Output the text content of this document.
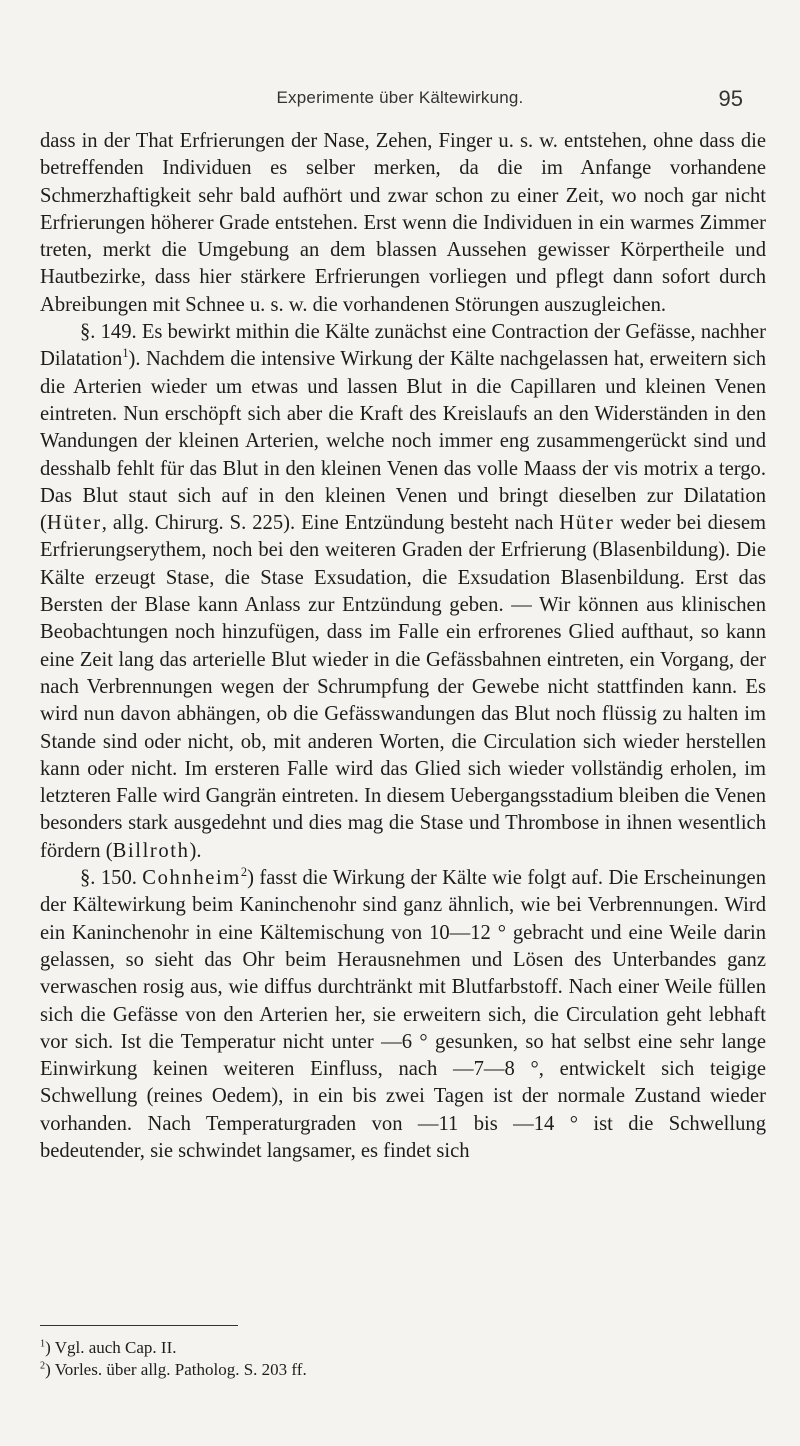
Experimente über Kältewirkung.	95

dass in der That Erfrierungen der Nase, Zehen, Finger u. s. w. entstehen, ohne dass die betreffenden Individuen es selber merken, da die im Anfange vorhandene Schmerzhaftigkeit sehr bald aufhört und zwar schon zu einer Zeit, wo noch gar nicht Erfrierungen höherer Grade entstehen. Erst wenn die Individuen in ein warmes Zimmer treten, merkt die Umgebung an dem blassen Aussehen gewisser Körpertheile und Hautbezirke, dass hier stärkere Erfrierungen vorliegen und pflegt dann sofort durch Abreibungen mit Schnee u. s. w. die vorhandenen Störungen auszugleichen.

§. 149. Es bewirkt mithin die Kälte zunächst eine Contraction der Gefässe, nachher Dilatation$^1$). Nachdem die intensive Wirkung der Kälte nachgelassen hat, erweitern sich die Arterien wieder um etwas und lassen Blut in die Capillaren und kleinen Venen eintreten. Nun erschöpft sich aber die Kraft des Kreislaufs an den Widerständen in den Wandungen der kleinen Arterien, welche noch immer eng zusammengerückt sind und desshalb fehlt für das Blut in den kleinen Venen das volle Maass der vis motrix a tergo. Das Blut staut sich auf in den kleinen Venen und bringt dieselben zur Dilatation (Hüter, allg. Chirurg. S. 225). Eine Entzündung besteht nach Hüter weder bei diesem Erfrierungserythem, noch bei den weiteren Graden der Erfrierung (Blasenbildung). Die Kälte erzeugt Stase, die Stase Exsudation, die Exsudation Blasenbildung. Erst das Bersten der Blase kann Anlass zur Entzündung geben. — Wir können aus klinischen Beobachtungen noch hinzufügen, dass im Falle ein erfrorenes Glied aufthaut, so kann eine Zeit lang das arterielle Blut wieder in die Gefässbahnen eintreten, ein Vorgang, der nach Verbrennungen wegen der Schrumpfung der Gewebe nicht stattfinden kann. Es wird nun davon abhängen, ob die Gefässwandungen das Blut noch flüssig zu halten im Stande sind oder nicht, ob, mit anderen Worten, die Circulation sich wieder herstellen kann oder nicht. Im ersteren Falle wird das Glied sich wieder vollständig erholen, im letzteren Falle wird Gangrän eintreten. In diesem Uebergangsstadium bleiben die Venen besonders stark ausgedehnt und dies mag die Stase und Thrombose in ihnen wesentlich fördern (Billroth).

§. 150. Cohnheim$^2$) fasst die Wirkung der Kälte wie folgt auf. Die Erscheinungen der Kältewirkung beim Kaninchenohr sind ganz ähnlich, wie bei Verbrennungen. Wird ein Kaninchenohr in eine Kältemischung von 10—12 ° gebracht und eine Weile darin gelassen, so sieht das Ohr beim Herausnehmen und Lösen des Unterbandes ganz verwaschen rosig aus, wie diffus durchtränkt mit Blutfarbstoff. Nach einer Weile füllen sich die Gefässe von den Arterien her, sie erweitern sich, die Circulation geht lebhaft vor sich. Ist die Temperatur nicht unter —6 ° gesunken, so hat selbst eine sehr lange Einwirkung keinen weiteren Einfluss, nach —7—8 °, entwickelt sich teigige Schwellung (reines Oedem), in ein bis zwei Tagen ist der normale Zustand wieder vorhanden. Nach Temperaturgraden von —11 bis —14 ° ist die Schwellung bedeutender, sie schwindet langsamer, es findet sich

$^1$) Vgl. auch Cap. II.
$^2$) Vorles. über allg. Patholog. S. 203 ff.
